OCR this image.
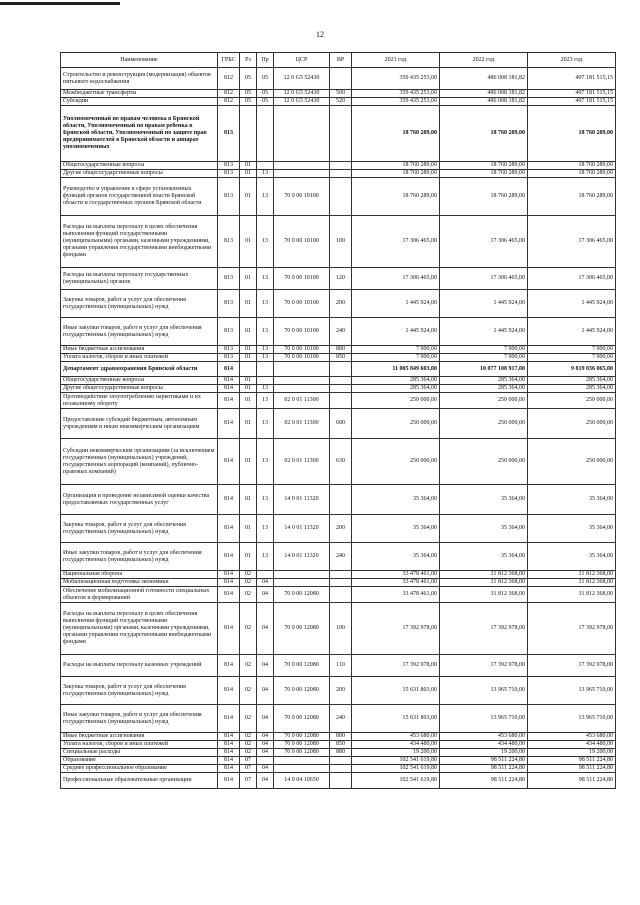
12
Наименование	ГРБС	Рз	Пр	ЦСР	ВР	2021 год	2022 год	2023 год
Строительство и реконструкция (модернизация) объектов питьевого водоснабжения	812	05	05	12 0 G5 52430		359 435 253,00	486 008 181,82	497 181 515,15
Межбюджетные трансферты	812	05	05	12 0 G5 52430	500	359 435 253,00	486 008 181,82	497 181 515,15
Субсидии	812	05	05	12 0 G5 52430	520	359 435 253,00	486 008 181,82	497 181 515,15
Уполномоченный по правам человека в Брянской области, Уполномоченный по правам ребенка в Брянской области, Уполномоченный по защите прав предпринимателей в Брянской области и аппарат уполномоченных	813					18 760 289,00	18 760 289,00	18 760 289,00
Общегосударственные вопросы	813	01				18 760 289,00	18 760 289,00	18 760 289,00
Другие общегосударственные вопросы	813	01	13			18 760 289,00	18 760 289,00	18 760 289,00
Руководство и управление в сфере установленных функций органов государственной власти Брянской области и государственных органов Брянской области	813	01	13	70 0 00 10100		18 760 289,00	18 760 289,00	18 760 289,00
Расходы на выплаты персоналу в целях обеспечения выполнения функций государственными (муниципальными) органами, казенными учреждениями, органами управления государственными внебюджетными фондами	813	01	13	70 0 00 10100	100	17 306 465,00	17 306 465,00	17 306 465,00
Расходы на выплаты персоналу государственных (муниципальных) органов	813	01	13	70 0 00 10100	120	17 306 465,00	17 306 465,00	17 306 465,00
Закупка товаров, работ и услуг для обеспечения государственных (муниципальных) нужд	813	01	13	70 0 00 10100	200	1 445 924,00	1 445 924,00	1 445 924,00
Иные закупки товаров, работ и услуг для обеспечения государственных (муниципальных) нужд	813	01	13	70 0 00 10100	240	1 445 924,00	1 445 924,00	1 445 924,00
Иные бюджетные ассигнования	813	01	13	70 0 00 10100	800	7 900,00	7 900,00	7 900,00
Уплата налогов, сборов и иных платежей	813	01	13	70 0 00 10100	850	7 900,00	7 900,00	7 900,00
Департамент здравоохранения Брянской области	814					11 005 849 603,00	10 077 108 917,00	9 819 836 065,00
Общегосударственные вопросы	814	01				285 364,00	285 364,00	285 364,00
Другие общегосударственные вопросы	814	01	13			285 364,00	285 364,00	285 364,00
Противодействие злоупотреблению наркотиками и их незаконному обороту	814	01	13	02 0 01 11300		250 000,00	250 000,00	250 000,00
Предоставление субсидий бюджетным, автономным учреждениям и иным некоммерческим организациям	814	01	13	02 0 01 11300	600	250 000,00	250 000,00	250 000,00
Субсидии некоммерческим организациям (за исключением государственных (муниципальных) учреждений, государственных корпораций (компаний), публично-правовых компаний)	814	01	13	02 0 01 11300	630	250 000,00	250 000,00	250 000,00
Организация и проведение независимой оценки качества предоставляемых государственных услуг	814	01	13	14 0 01 11320		35 364,00	35 364,00	35 364,00
Закупка товаров, работ и услуг для обеспечения государственных (муниципальных) нужд	814	01	13	14 0 01 11320	200	35 364,00	35 364,00	35 364,00
Иные закупки товаров, работ и услуг для обеспечения государственных (муниципальных) нужд	814	01	13	14 0 01 11320	240	35 364,00	35 364,00	35 364,00
Национальная оборона	814	02				33 478 461,00	31 812 368,00	31 812 368,00
Мобилизационная подготовка экономики	814	02	04			33 478 461,00	31 812 368,00	31 812 368,00
Обеспечение мобилизационной готовности специальных объектов и формирований	814	02	04	70 0 00 12080		33 478 461,00	31 812 368,00	31 812 368,00
Расходы на выплаты персоналу в целях обеспечения выполнения функций государственными (муниципальными) органами, казенными учреждениями, органами управления государственными внебюджетными фондами	814	02	04	70 0 00 12080	100	17 392 978,00	17 392 978,00	17 392 978,00
Расходы на выплаты персоналу казенных учреждений	814	02	04	70 0 00 12080	110	17 392 978,00	17 392 978,00	17 392 978,00
Закупка товаров, работ и услуг для обеспечения государственных (муниципальных) нужд	814	02	04	70 0 00 12080	200	15 631 803,00	13 965 710,00	13 965 710,00
Иные закупки товаров, работ и услуг для обеспечения государственных (муниципальных) нужд	814	02	04	70 0 00 12080	240	15 631 803,00	13 965 710,00	13 965 710,00
Иные бюджетные ассигнования	814	02	04	70 0 00 12080	800	453 680,00	453 680,00	453 680,00
Уплата налогов, сборов и иных платежей	814	02	04	70 0 00 12080	850	434 480,00	434 480,00	434 480,00
Специальные расходы	814	02	04	70 0 00 12080	880	19 200,00	19 200,00	19 200,00
Образование	814	07				102 541 619,80	98 511 224,80	98 511 224,80
Среднее профессиональное образование	814	07	04			102 541 619,80	98 511 224,80	98 511 224,80
Профессиональные образовательные организации	814	07	04	14 0 04 10650		102 541 619,80	98 511 224,80	98 511 224,80
